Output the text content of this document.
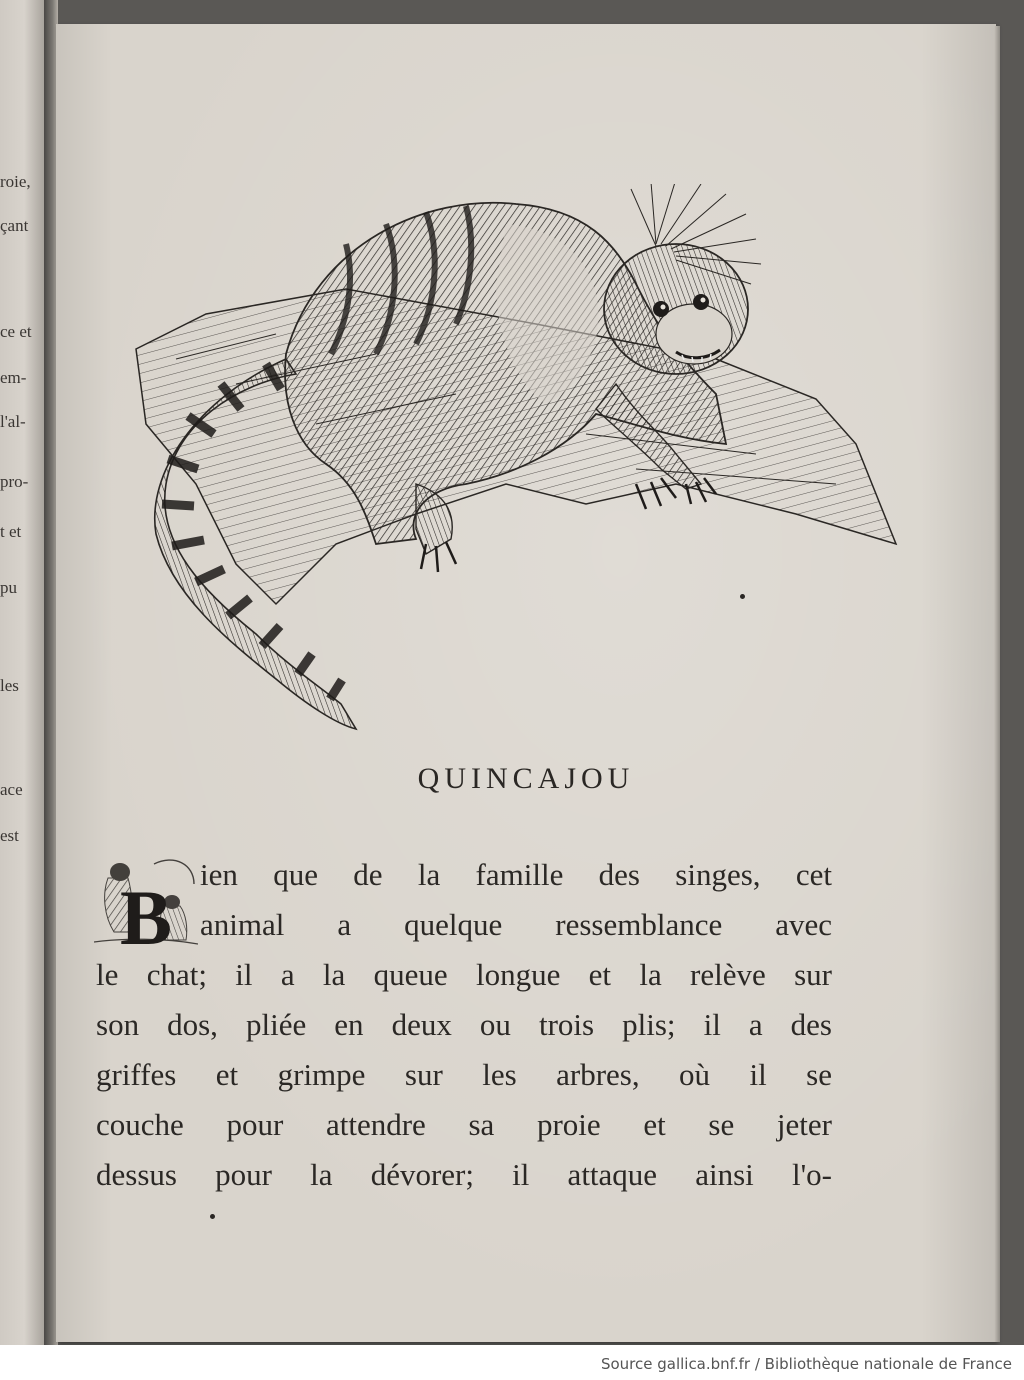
roie,
çant
ce et
em-
l'al-
pro-
t et
pu
les
ace
est
QUINCAJOU
B ien que de la famille des singes, cet
animal a quelque ressemblance avec
le chat; il a la queue longue et la relève sur
son dos, pliée en deux ou trois plis; il a des
griffes et grimpe sur les arbres, où il se
couche pour attendre sa proie et se jeter
dessus pour la dévorer; il attaque ainsi l'o-
Source gallica.bnf.fr / Bibliothèque nationale de France
